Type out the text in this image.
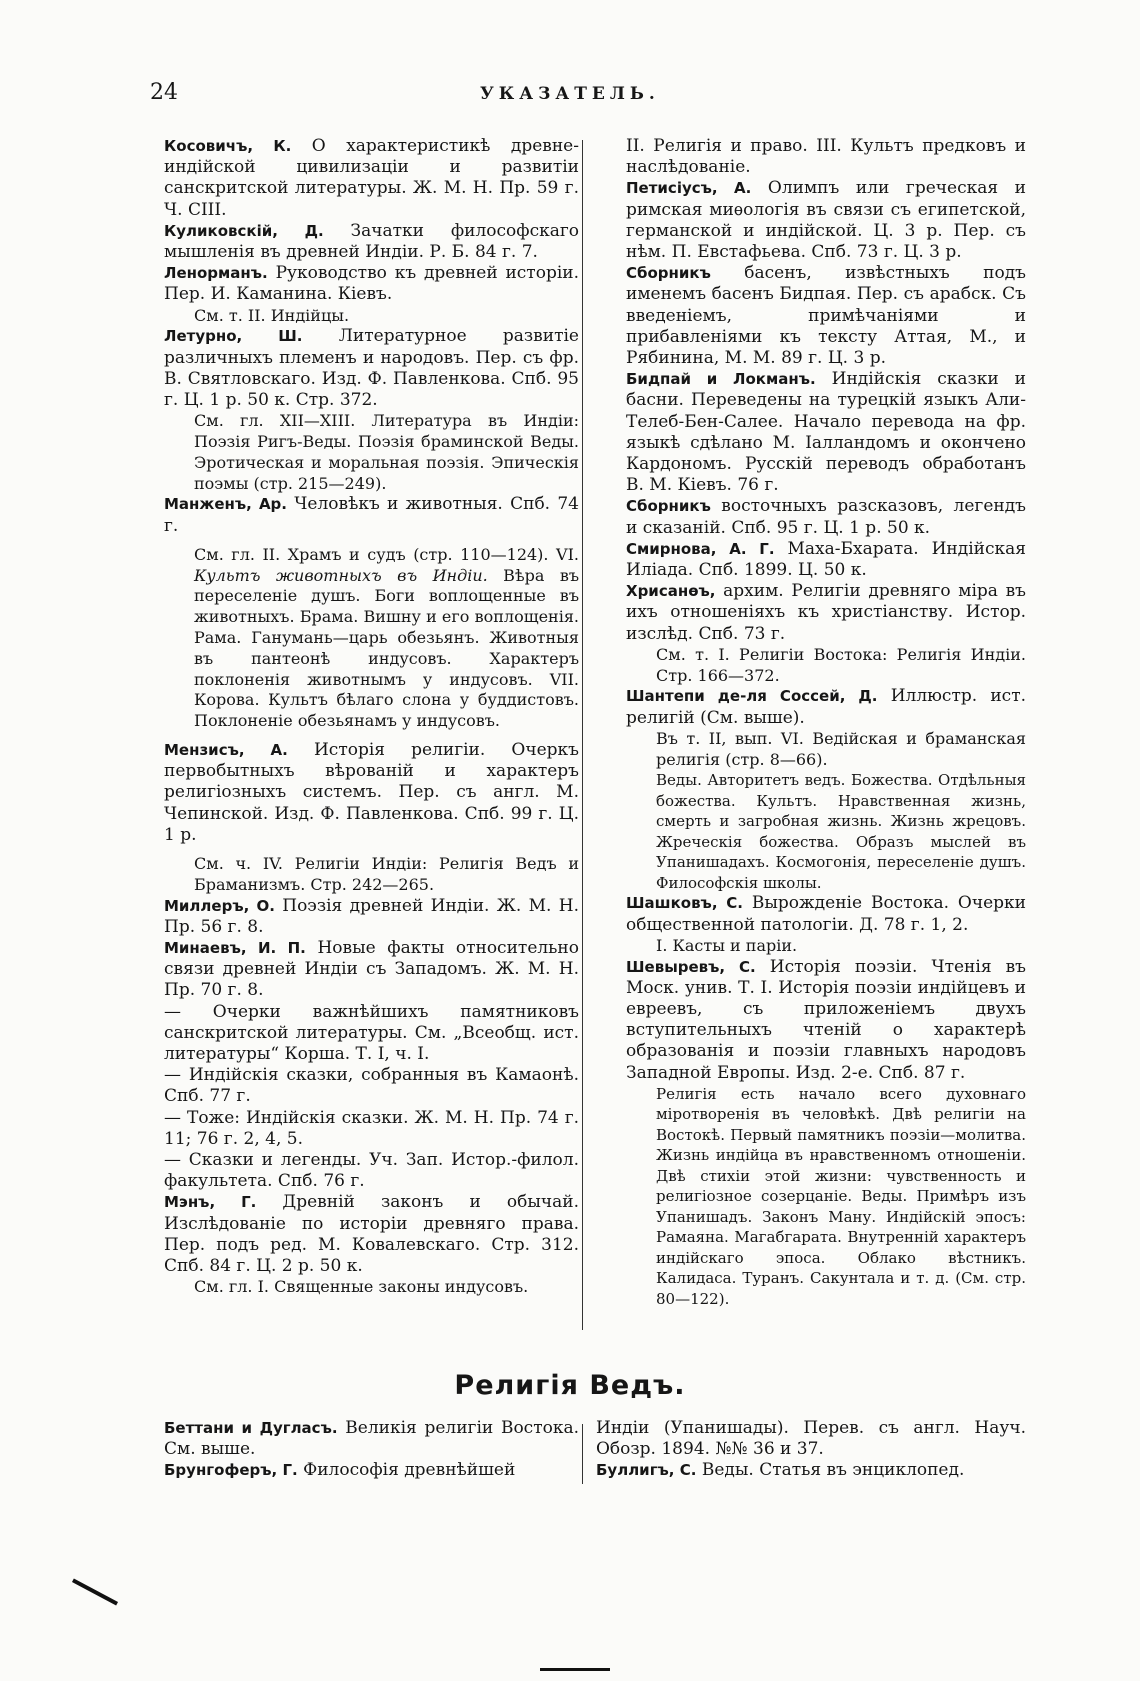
24	УКАЗАТЕЛЬ.

Косовичъ, К. О характеристикѣ древне-индійской цивилизаціи и развитіи санскритской литературы. Ж. М. Н. Пр. 59 г. Ч. CIII.

Куликовскій, Д. Зачатки философскаго мышленія въ древней Индіи. Р. Б. 84 г. 7.

Ленорманъ. Руководство къ древней исторіи. Пер. И. Каманина. Кіевъ.

См. т. II. Индійцы.

Летурно, Ш. Литературное развитіе различныхъ племенъ и народовъ. Пер. съ фр. В. Святловскаго. Изд. Ф. Павленкова. Спб. 95 г. Ц. 1 р. 50 к. Стр. 372.

См. гл. XII—XIII. Литература въ Индіи: Поэзія Ригъ-Веды. Поэзія браминской Веды. Эротическая и моральная поэзія. Эпическія поэмы (стр. 215—249).

Манженъ, Ар. Человѣкъ и животныя. Спб. 74 г.

См. гл. II. Храмъ и судъ (стр. 110—124). VI. Культъ животныхъ въ Индіи. Вѣра въ переселеніе душъ. Боги воплощенные въ животныхъ. Брама. Вишну и его воплощенія. Рама. Ганумань—царь обезьянъ. Животныя въ пантеонѣ индусовъ. Характеръ поклоненія животнымъ у индусовъ. VII. Корова. Культъ бѣлаго слона у буддистовъ. Поклоненіе обезьянамъ у индусовъ.

Мензисъ, А. Исторія религіи. Очеркъ первобытныхъ вѣрованій и характеръ религіозныхъ системъ. Пер. съ англ. М. Чепинской. Изд. Ф. Павленкова. Спб. 99 г. Ц. 1 р.

См. ч. IV. Религіи Индіи: Религія Ведъ и Браманизмъ. Стр. 242—265.

Миллеръ, О. Поэзія древней Индіи. Ж. М. Н. Пр. 56 г. 8.

Минаевъ, И. П. Новые факты относительно связи древней Индіи съ Западомъ. Ж. М. Н. Пр. 70 г. 8.

— Очерки важнѣйшихъ памятниковъ санскритской литературы. См. „Всеобщ. ист. литературы“ Корша. Т. I, ч. I.

— Индійскія сказки, собранныя въ Камаонѣ. Спб. 77 г.

— Тоже: Индійскія сказки. Ж. М. Н. Пр. 74 г. 11; 76 г. 2, 4, 5.

— Сказки и легенды. Уч. Зап. Истор.-филол. факультета. Спб. 76 г.

Мэнъ, Г. Древній законъ и обычай. Изслѣдованіе по исторіи древняго права. Пер. подъ ред. М. Ковалевскаго. Стр. 312. Спб. 84 г. Ц. 2 р. 50 к.

См. гл. I. Священные законы индусовъ.

II. Религія и право. III. Культъ предковъ и наслѣдованіе.

Петисіусъ, А. Олимпъ или греческая и римская миѳологія въ связи съ египетской, германской и индійской. Ц. 3 р. Пер. съ нѣм. П. Евстафьева. Спб. 73 г. Ц. 3 р.

Сборникъ басенъ, извѣстныхъ подъ именемъ басенъ Бидпая. Пер. съ арабск. Съ введеніемъ, примѣчаніями и прибавленіями къ тексту Аттая, М., и Рябинина, М. М. 89 г. Ц. 3 р.

Бидпай и Локманъ. Индійскія сказки и басни. Переведены на турецкій языкъ Али-Телеб-Бен-Салее. Начало перевода на фр. языкѣ сдѣлано М. Іалландомъ и окончено Кардономъ. Русскій переводъ обработанъ В. М. Кіевъ. 76 г.

Сборникъ восточныхъ разсказовъ, легендъ и сказаній. Спб. 95 г. Ц. 1 р. 50 к.

Смирнова, А. Г. Маха-Бхарата. Индійская Иліада. Спб. 1899. Ц. 50 к.

Хрисанѳъ, архим. Религіи древняго міра въ ихъ отношеніяхъ къ христіанству. Истор. изслѣд. Спб. 73 г.

См. т. I. Религіи Востока: Религія Индіи. Стр. 166—372.

Шантепи де-ля Соссей, Д. Иллюстр. ист. религій (См. выше).

Въ т. II, вып. VI. Ведійская и браманская религія (стр. 8—66).

Веды. Авторитетъ ведъ. Божества. Отдѣльныя божества. Культъ. Нравственная жизнь, смерть и загробная жизнь. Жизнь жрецовъ. Жреческія божества. Образъ мыслей въ Упанишадахъ. Космогонія, переселеніе душъ. Философскія школы.

Шашковъ, С. Вырожденіе Востока. Очерки общественной патологіи. Д. 78 г. 1, 2.

I. Касты и паріи.

Шевыревъ, С. Исторія поэзіи. Чтенія въ Моск. унив. Т. I. Исторія поэзіи индійцевъ и евреевъ, съ приложеніемъ двухъ вступительныхъ чтеній о характерѣ образованія и поэзіи главныхъ народовъ Западной Европы. Изд. 2-е. Спб. 87 г.

Религія есть начало всего духовнаго міротворенія въ человѣкѣ. Двѣ религіи на Востокѣ. Первый памятникъ поэзіи—молитва. Жизнь индійца въ нравственномъ отношеніи. Двѣ стихіи этой жизни: чувственность и религіозное созерцаніе. Веды. Примѣръ изъ Упанишадъ. Законъ Ману. Индійскій эпосъ: Рамаяна. Магабгарата. Внутренній характеръ индійскаго эпоса. Облако вѣстникъ. Калидаса. Туранъ. Сакунтала и т. д. (См. стр. 80—122).

Религія Ведъ.

Беттани и Дугласъ. Великія религіи Востока. См. выше.

Брунгоферъ, Г. Философія древнѣйшей

Индіи (Упанишады). Перев. съ англ. Науч. Обозр. 1894. №№ 36 и 37.

Буллигъ, С. Веды. Статья въ энциклопед.
